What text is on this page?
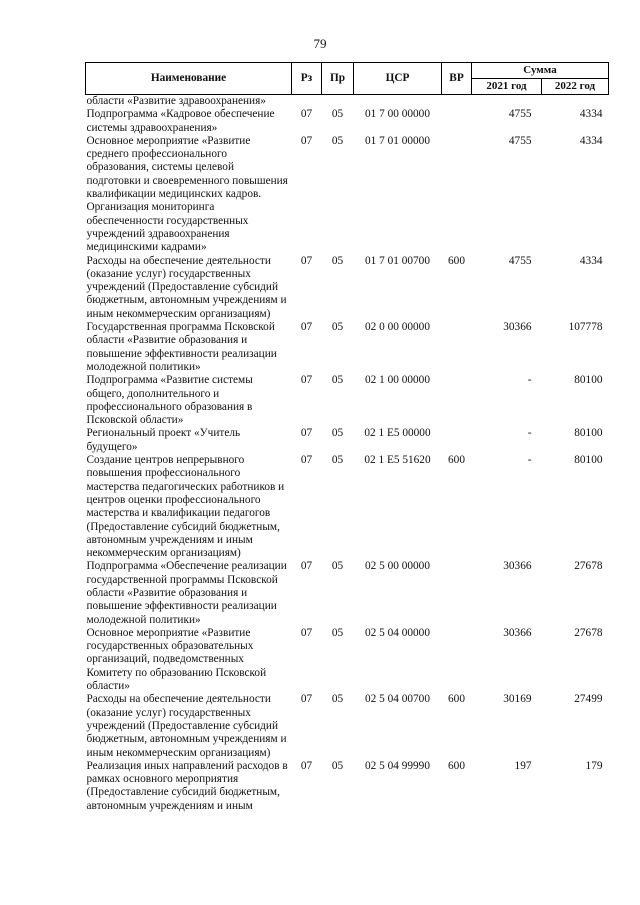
79
Наименование	Рз	Пр	ЦСР	ВР	Сумма	
					2021 год	2022 год
области «Развитие здравоохранения»						
Подпрограмма «Кадровое обеспечение системы здравоохранения»	07	05	01 7 00 00000		4755	4334
Основное мероприятие «Развитие среднего профессионального образования, системы целевой подготовки и своевременного повышения квалификации медицинских кадров. Организация мониторинга обеспеченности государственных учреждений здравоохранения медицинскими кадрами»	07	05	01 7 01 00000		4755	4334
Расходы на обеспечение деятельности (оказание услуг) государственных учреждений (Предоставление субсидий бюджетным, автономным учреждениям и иным некоммерческим организациям)	07	05	01 7 01 00700	600	4755	4334
Государственная программа Псковской области «Развитие образования и повышение эффективности реализации молодежной политики»	07	05	02 0 00 00000		30366	107778
Подпрограмма «Развитие системы общего, дополнительного и профессионального образования в Псковской области»	07	05	02 1 00 00000		-	80100
Региональный проект «Учитель будущего»	07	05	02 1 E5 00000		-	80100
Создание центров непрерывного повышения профессионального мастерства педагогических работников и центров оценки профессионального мастерства и квалификации педагогов (Предоставление субсидий бюджетным, автономным учреждениям и иным некоммерческим организациям)	07	05	02 1 E5 51620	600	-	80100
Подпрограмма «Обеспечение реализации государственной программы Псковской области «Развитие образования и повышение эффективности реализации молодежной политики»	07	05	02 5 00 00000		30366	27678
Основное мероприятие «Развитие государственных образовательных организаций, подведомственных Комитету по образованию Псковской области»	07	05	02 5 04 00000		30366	27678
Расходы на обеспечение деятельности (оказание услуг) государственных учреждений (Предоставление субсидий бюджетным, автономным учреждениям и иным некоммерческим организациям)	07	05	02 5 04 00700	600	30169	27499
Реализация иных направлений расходов в рамках основного мероприятия (Предоставление субсидий бюджетным, автономным учреждениям и иным	07	05	02 5 04 99990	600	197	179
